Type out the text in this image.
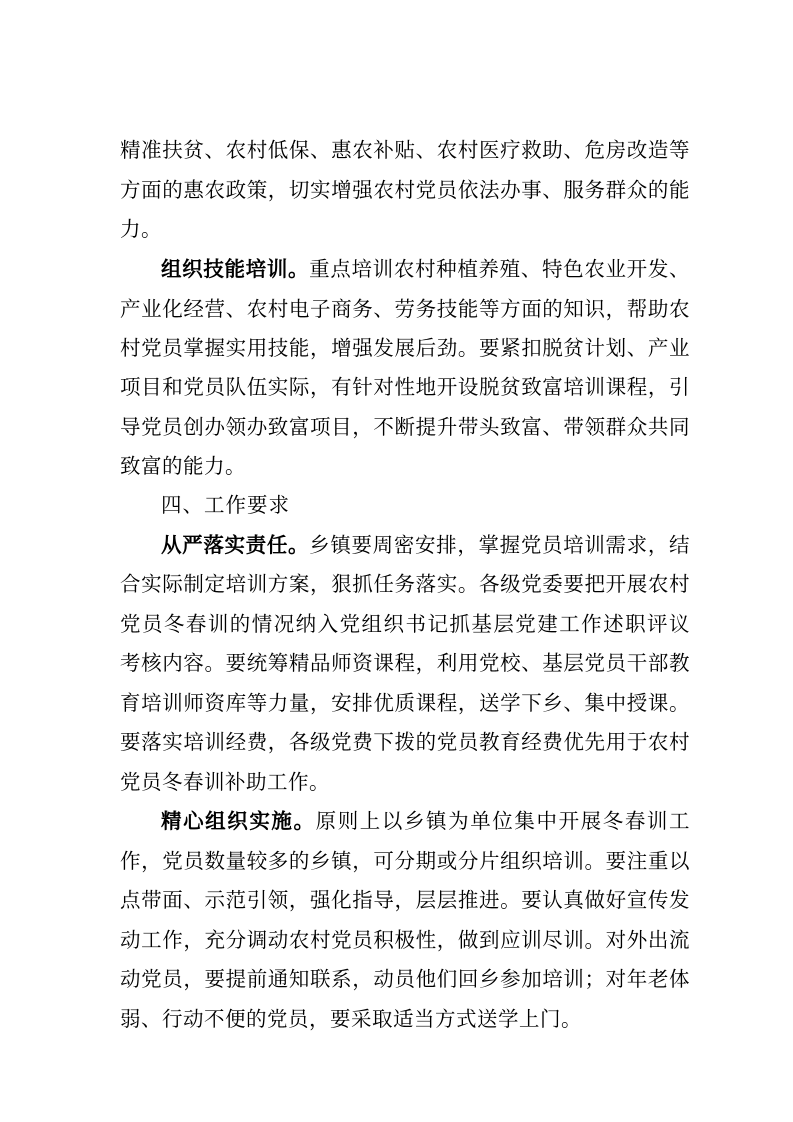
精准扶贫、农村低保、惠农补贴、农村医疗救助、危房改造等
方面的惠农政策，切实增强农村党员依法办事、服务群众的能
力。
组织技能培训。重点培训农村种植养殖、特色农业开发、
产业化经营、农村电子商务、劳务技能等方面的知识，帮助农
村党员掌握实用技能，增强发展后劲。要紧扣脱贫计划、产业
项目和党员队伍实际，有针对性地开设脱贫致富培训课程，引
导党员创办领办致富项目，不断提升带头致富、带领群众共同
致富的能力。
四、工作要求
从严落实责任。乡镇要周密安排，掌握党员培训需求，结
合实际制定培训方案，狠抓任务落实。各级党委要把开展农村
党员冬春训的情况纳入党组织书记抓基层党建工作述职评议
考核内容。要统筹精品师资课程，利用党校、基层党员干部教
育培训师资库等力量，安排优质课程，送学下乡、集中授课。
要落实培训经费，各级党费下拨的党员教育经费优先用于农村
党员冬春训补助工作。
精心组织实施。原则上以乡镇为单位集中开展冬春训工
作，党员数量较多的乡镇，可分期或分片组织培训。要注重以
点带面、示范引领，强化指导，层层推进。要认真做好宣传发
动工作，充分调动农村党员积极性，做到应训尽训。对外出流
动党员，要提前通知联系，动员他们回乡参加培训；对年老体
弱、行动不便的党员，要采取适当方式送学上门。
